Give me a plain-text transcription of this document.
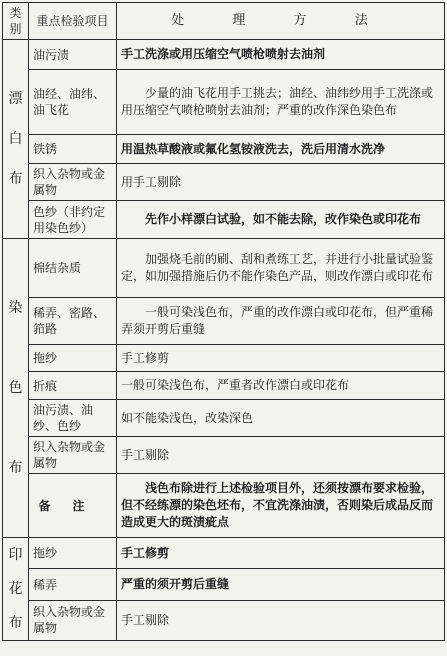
类别	重点检验项目	处 理 方 法

漂
白
布	油污渍	手工洗涤或用压缩空气喷枪喷射去油剂
	油经、油纬、油飞花	少量的油飞花用手工挑去；油经、油纬纱用手工洗涤或用压缩空气喷枪喷射去油剂；严重的改作深色染色布
	铁锈	用温热草酸液或氟化氢铵液洗去，洗后用清水洗净
	织入杂物或金属物	用手工剔除
	色纱（非约定用染色纱）	先作小样漂白试验，如不能去除，改作染色或印花布

染
色
布	棉结杂质	加强烧毛前的刷、刮和煮练工艺，并进行小批量试验鉴定，如加强措施后仍不能作染色产品，则改作漂白或印花布
	稀弄、密路、筘路	一般可染浅色布，严重的改作漂白或印花布，但严重稀弄须开剪后重缝
	拖纱	手工修剪
	折痕	一般可染浅色布，严重者改作漂白或印花布
	油污渍、油纱、色纱	如不能染浅色，改染深色
	织入杂物或金属物	手工剔除
	备注	浅色布除进行上述检验项目外，还须按漂布要求检验，但不经练漂的染色坯布，不宜洗涤油渍，否则染后成品反而造成更大的斑渍疵点

印
花
布	拖纱	手工修剪
	稀弄	严重的须开剪后重缝
	织入杂物或金属物	手工剔除
